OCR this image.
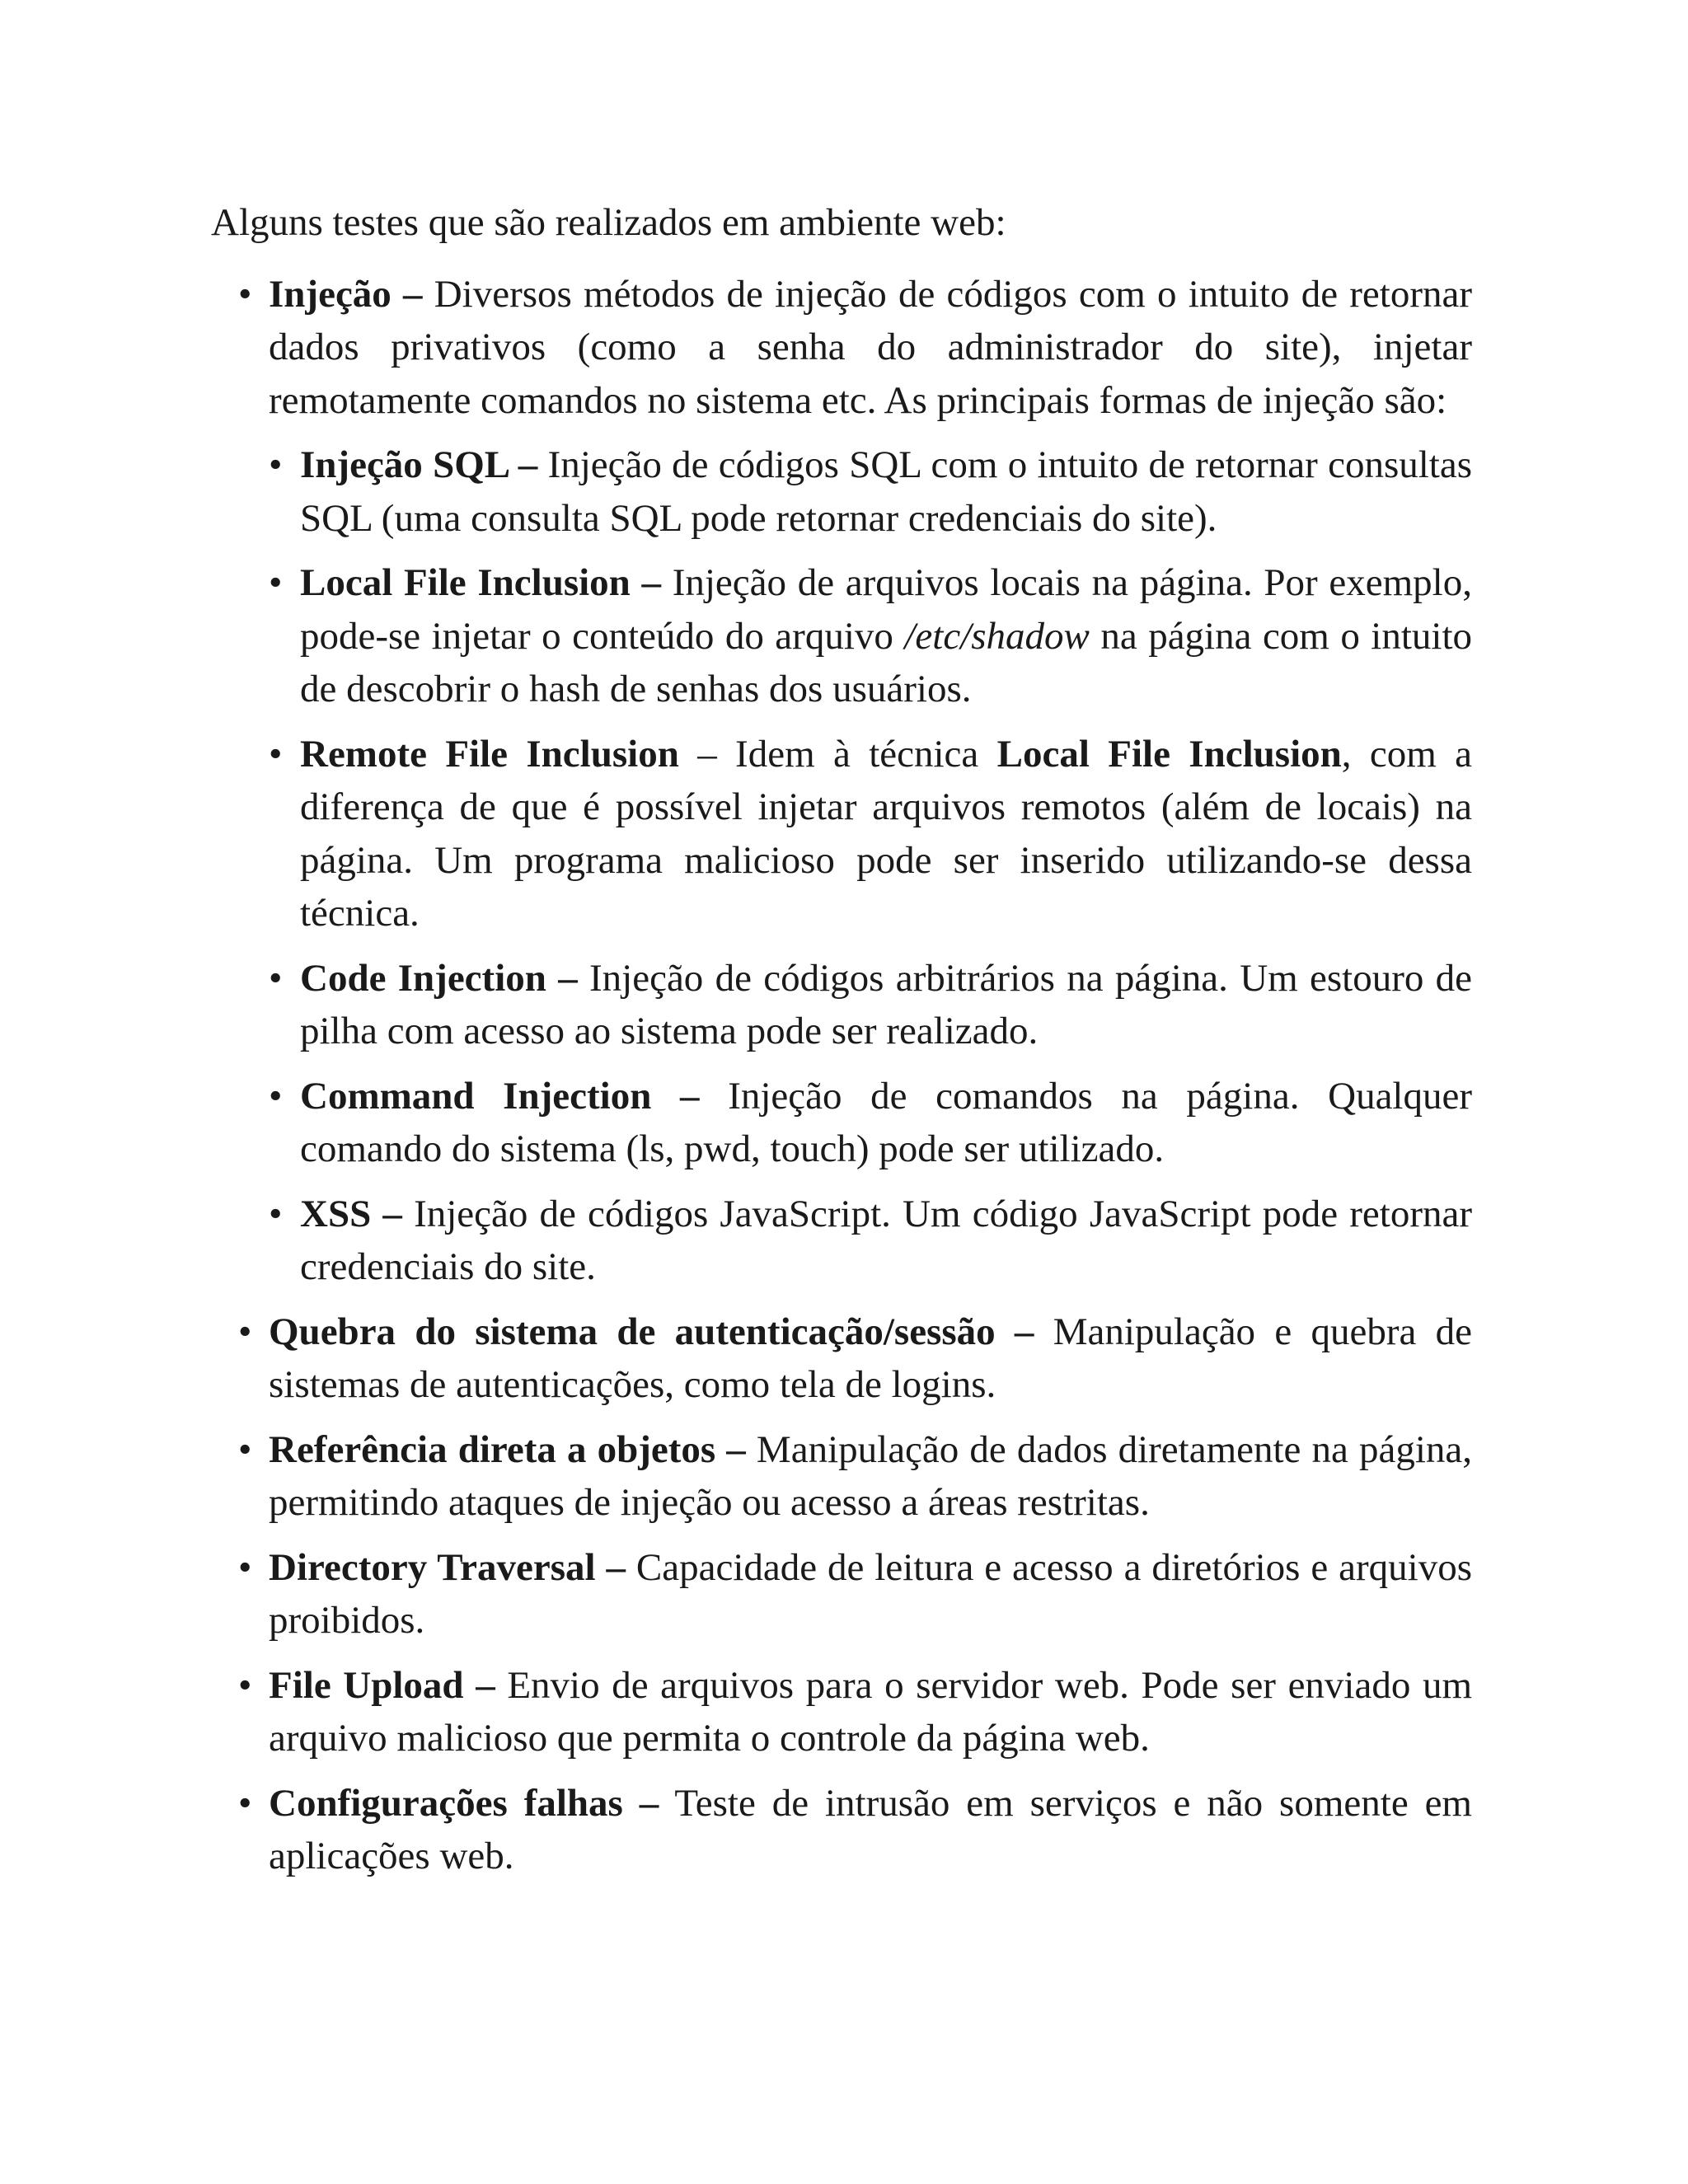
Alguns testes que são realizados em ambiente web:

• Injeção – Diversos métodos de injeção de códigos com o intuito de retornar dados privativos (como a senha do administrador do site), injetar remotamente comandos no sistema etc. As principais formas de injeção são:
• Injeção SQL – Injeção de códigos SQL com o intuito de retornar consultas SQL (uma consulta SQL pode retornar credenciais do site).
• Local File Inclusion – Injeção de arquivos locais na página. Por exemplo, pode-se injetar o conteúdo do arquivo /etc/shadow na página com o intuito de descobrir o hash de senhas dos usuários.
• Remote File Inclusion – Idem à técnica Local File Inclusion, com a diferença de que é possível injetar arquivos remotos (além de locais) na página. Um programa malicioso pode ser inserido utilizando-se dessa técnica.
• Code Injection – Injeção de códigos arbitrários na página. Um estouro de pilha com acesso ao sistema pode ser realizado.
• Command Injection – Injeção de comandos na página. Qualquer comando do sistema (ls, pwd, touch) pode ser utilizado.
• XSS – Injeção de códigos JavaScript. Um código JavaScript pode retornar credenciais do site.
• Quebra do sistema de autenticação/sessão – Manipulação e quebra de sistemas de autenticações, como tela de logins.
• Referência direta a objetos – Manipulação de dados diretamente na página, permitindo ataques de injeção ou acesso a áreas restritas.
• Directory Traversal – Capacidade de leitura e acesso a diretórios e arquivos proibidos.
• File Upload – Envio de arquivos para o servidor web. Pode ser enviado um arquivo malicioso que permita o controle da página web.
• Configurações falhas – Teste de intrusão em serviços e não somente em aplicações web.
